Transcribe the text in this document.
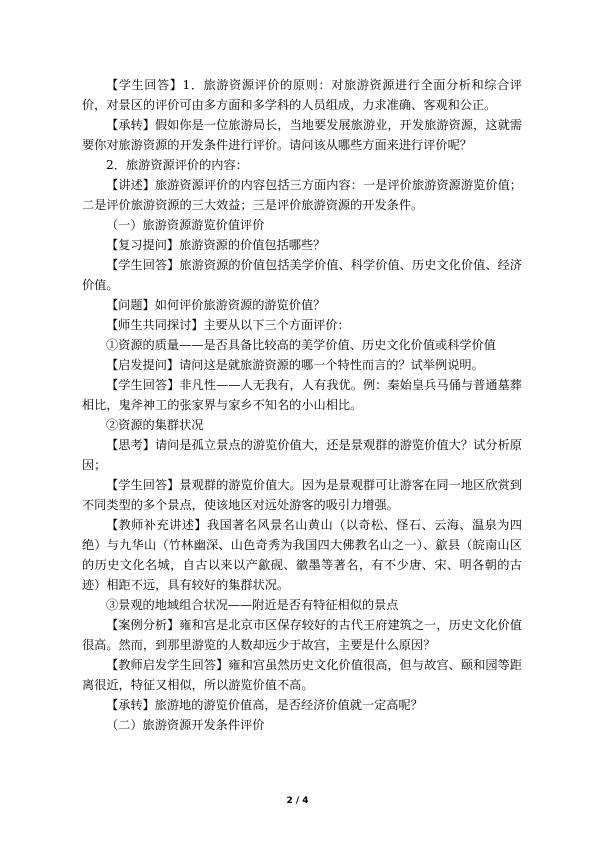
【学生回答】1．旅游资源评价的原则：对旅游资源进行全面分析和综合评价，对景区的评价可由多方面和多学科的人员组成，力求准确、客观和公正。

【承转】假如你是一位旅游局长，当地要发展旅游业，开发旅游资源，这就需要你对旅游资源的开发条件进行评价。请问该从哪些方面来进行评价呢？

2．旅游资源评价的内容：

【讲述】旅游资源评价的内容包括三方面内容：一是评价旅游资源游览价值；二是评价旅游资源的三大效益；三是评价旅游资源的开发条件。

（一）旅游资源游览价值评价

【复习提问】旅游资源的价值包括哪些？

【学生回答】旅游资源的价值包括美学价值、科学价值、历史文化价值、经济价值。

【问题】如何评价旅游资源的游览价值？

【师生共同探讨】主要从以下三个方面评价：

①资源的质量——是否具备比较高的美学价值、历史文化价值或科学价值

【启发提问】请问这是就旅游资源的哪一个特性而言的？试举例说明。

【学生回答】非凡性——人无我有，人有我优。例：秦始皇兵马俑与普通墓葬相比，鬼斧神工的张家界与家乡不知名的小山相比。

②资源的集群状况

【思考】请问是孤立景点的游览价值大，还是景观群的游览价值大？试分析原因；

【学生回答】景观群的游览价值大。因为是景观群可让游客在同一地区欣赏到不同类型的多个景点，使该地区对远处游客的吸引力增强。

【教师补充讲述】我国著名风景名山黄山（以奇松、怪石、云海、温泉为四绝）与九华山（竹林幽深、山色奇秀为我国四大佛教名山之一）、歙县（皖南山区的历史文化名城，自古以来以产歙砚、徽墨等著名，有不少唐、宋、明各朝的古迹）相距不远，具有较好的集群状况。

③景观的地域组合状况——附近是否有特征相似的景点

【案例分析】雍和宫是北京市区保存较好的古代王府建筑之一，历史文化价值很高。然而，到那里游览的人数却远少于故宫，主要是什么原因？

【教师启发学生回答】雍和宫虽然历史文化价值很高，但与故宫、颐和园等距离很近，特征又相似，所以游览价值不高。

【承转】旅游地的游览价值高，是否经济价值就一定高呢？

（二）旅游资源开发条件评价

2 / 4
